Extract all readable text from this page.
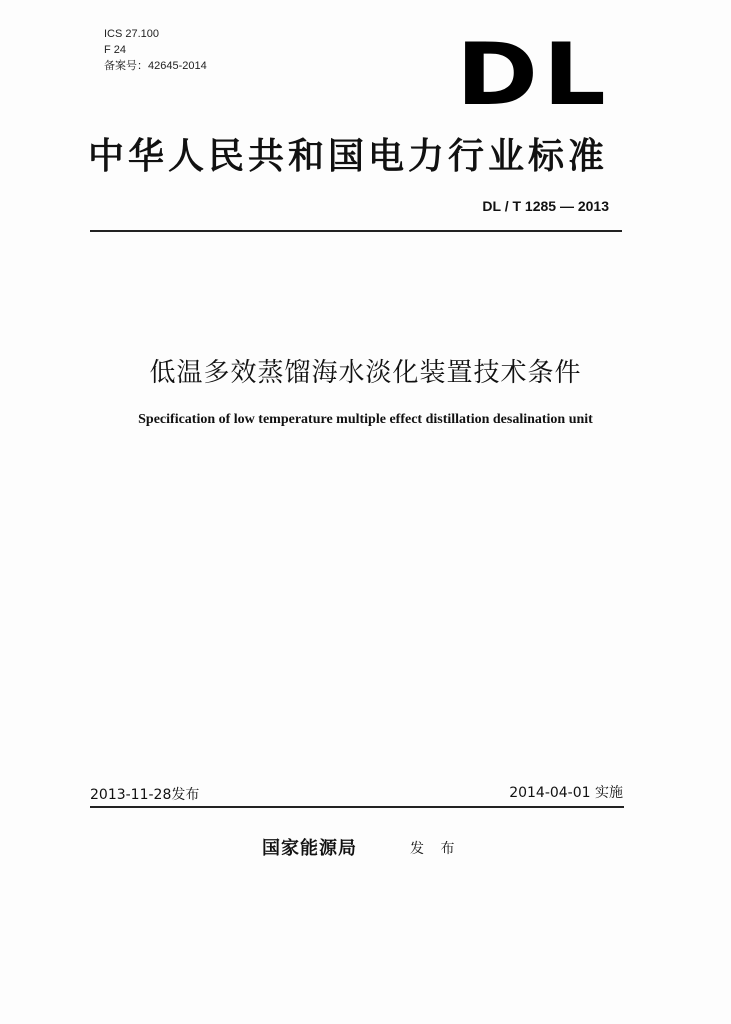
ICS 27.100
F 24
备案号：42645-2014	DL
中华人民共和国电力行业标准
DL / T 1285 — 2013
低温多效蒸馏海水淡化装置技术条件
Specification of low temperature multiple effect distillation desalination unit
2013-11-28发布	2014-04-01 实施
国家能源局	发 布
